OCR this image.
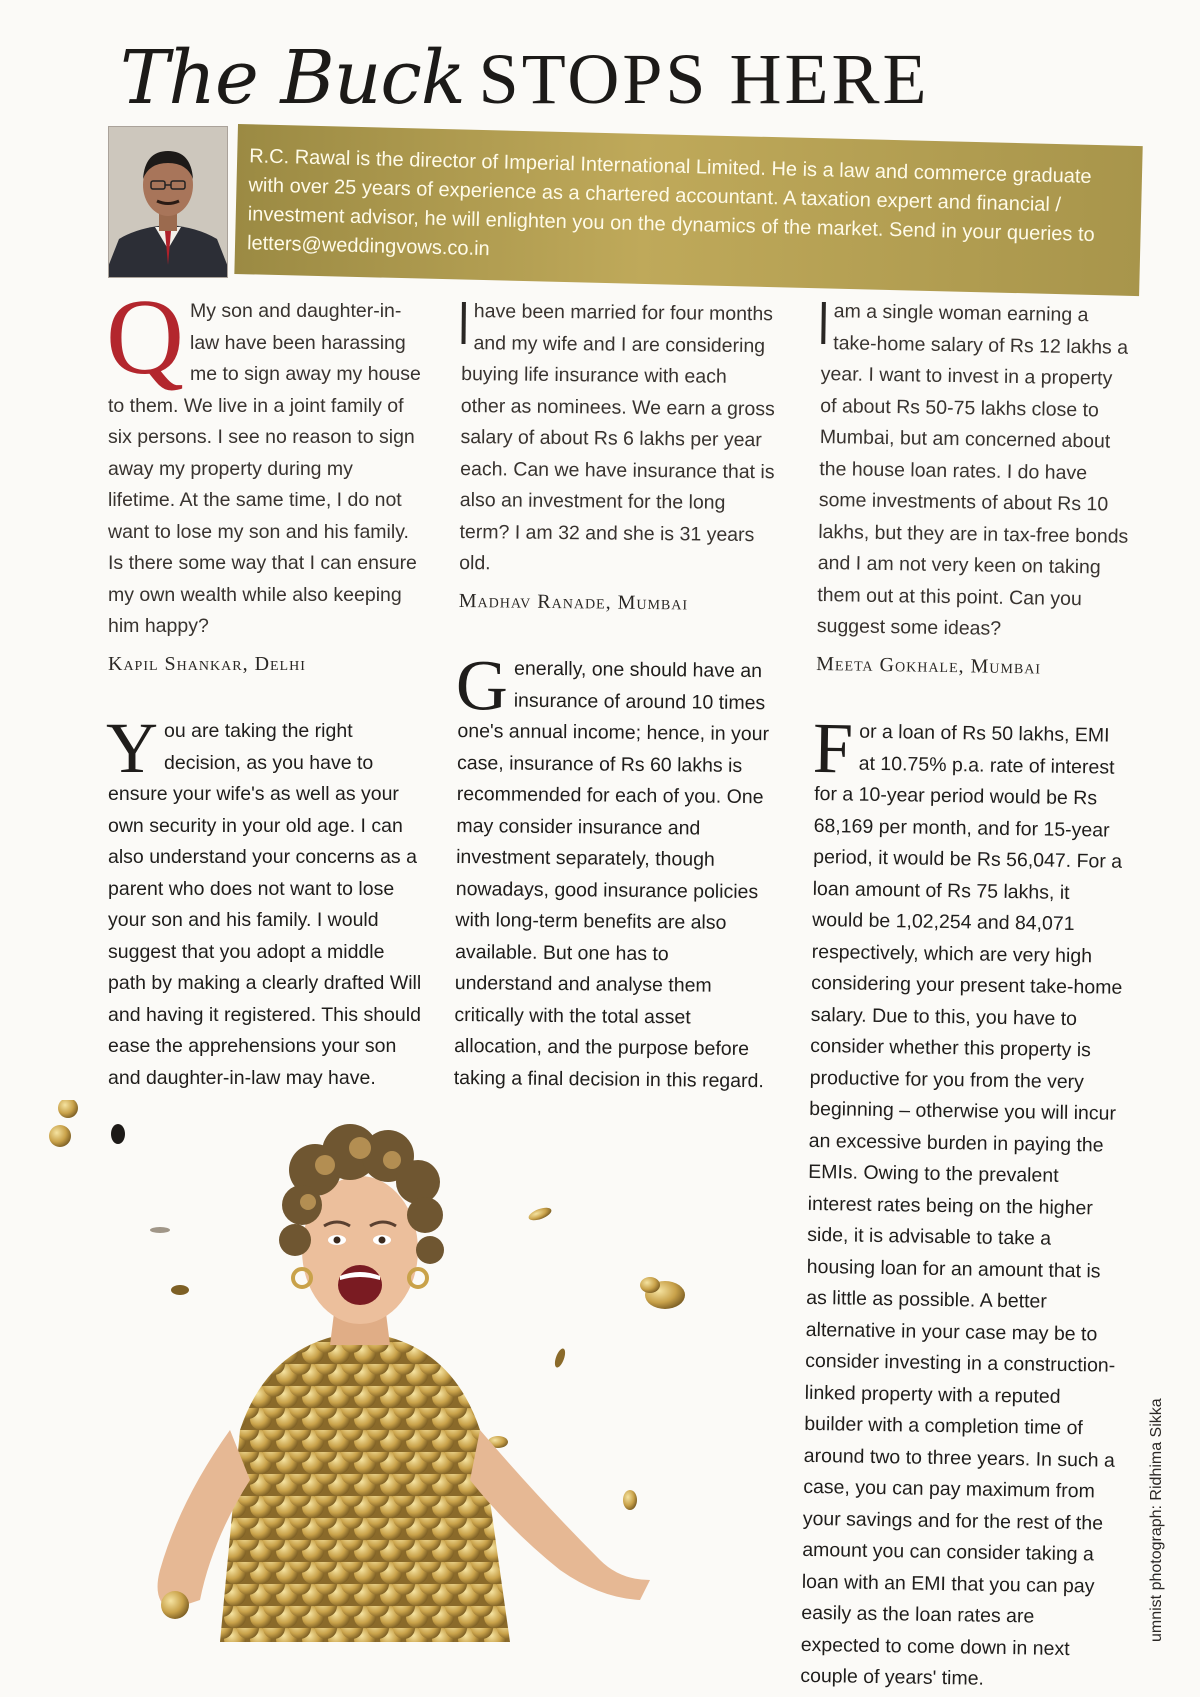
The Buck STOPS HERE

R.C. Rawal is the director of Imperial International Limited. He is a law and commerce graduate with over 25 years of experience as a chartered accountant. A taxation expert and financial / investment advisor, he will enlighten you on the dynamics of the market. Send in your queries to letters@weddingvows.co.in

Q My son and daughter-in-law have been harassing me to sign away my house to them. We live in a joint family of six persons. I see no reason to sign away my property during my lifetime. At the same time, I do not want to lose my son and his family. Is there some way that I can ensure my own wealth while also keeping him happy?

Kapil Shankar, Delhi

Y ou are taking the right decision, as you have to ensure your wife's as well as your own security in your old age. I can also understand your concerns as a parent who does not want to lose your son and his family. I would suggest that you adopt a middle path by making a clearly drafted Will and having it registered. This should ease the apprehensions your son and daughter-in-law may have.

have been married for four months and my wife and I are considering buying life insurance with each other as nominees. We earn a gross salary of about Rs 6 lakhs per year each. Can we have insurance that is also an investment for the long term? I am 32 and she is 31 years old.

Madhav Ranade, Mumbai

G enerally, one should have an insurance of around 10 times one's annual income; hence, in your case, insurance of Rs 60 lakhs is recommended for each of you. One may consider insurance and investment separately, though nowadays, good insurance policies with long-term benefits are also available. But one has to understand and analyse them critically with the total asset allocation, and the purpose before taking a final decision in this regard.

am a single woman earning a take-home salary of Rs 12 lakhs a year. I want to invest in a property of about Rs 50-75 lakhs close to Mumbai, but am concerned about the house loan rates. I do have some investments of about Rs 10 lakhs, but they are in tax-free bonds and I am not very keen on taking them out at this point. Can you suggest some ideas?

Meeta Gokhale, Mumbai

F or a loan of Rs 50 lakhs, EMI at 10.75% p.a. rate of interest for a 10-year period would be Rs 68,169 per month, and for 15-year period, it would be Rs 56,047. For a loan amount of Rs 75 lakhs, it would be 1,02,254 and 84,071 respectively, which are very high considering your present take-home salary. Due to this, you have to consider whether this property is productive for you from the very beginning – otherwise you will incur an excessive burden in paying the EMIs. Owing to the prevalent interest rates being on the higher side, it is advisable to take a housing loan for an amount that is as little as possible. A better alternative in your case may be to consider investing in a construction-linked property with a reputed builder with a completion time of around two to three years. In such a case, you can pay maximum from your savings and for the rest of the amount you can consider taking a loan with an EMI that you can pay easily as the loan rates are expected to come down in next couple of years' time.

umnist photograph: Ridhima Sikka
